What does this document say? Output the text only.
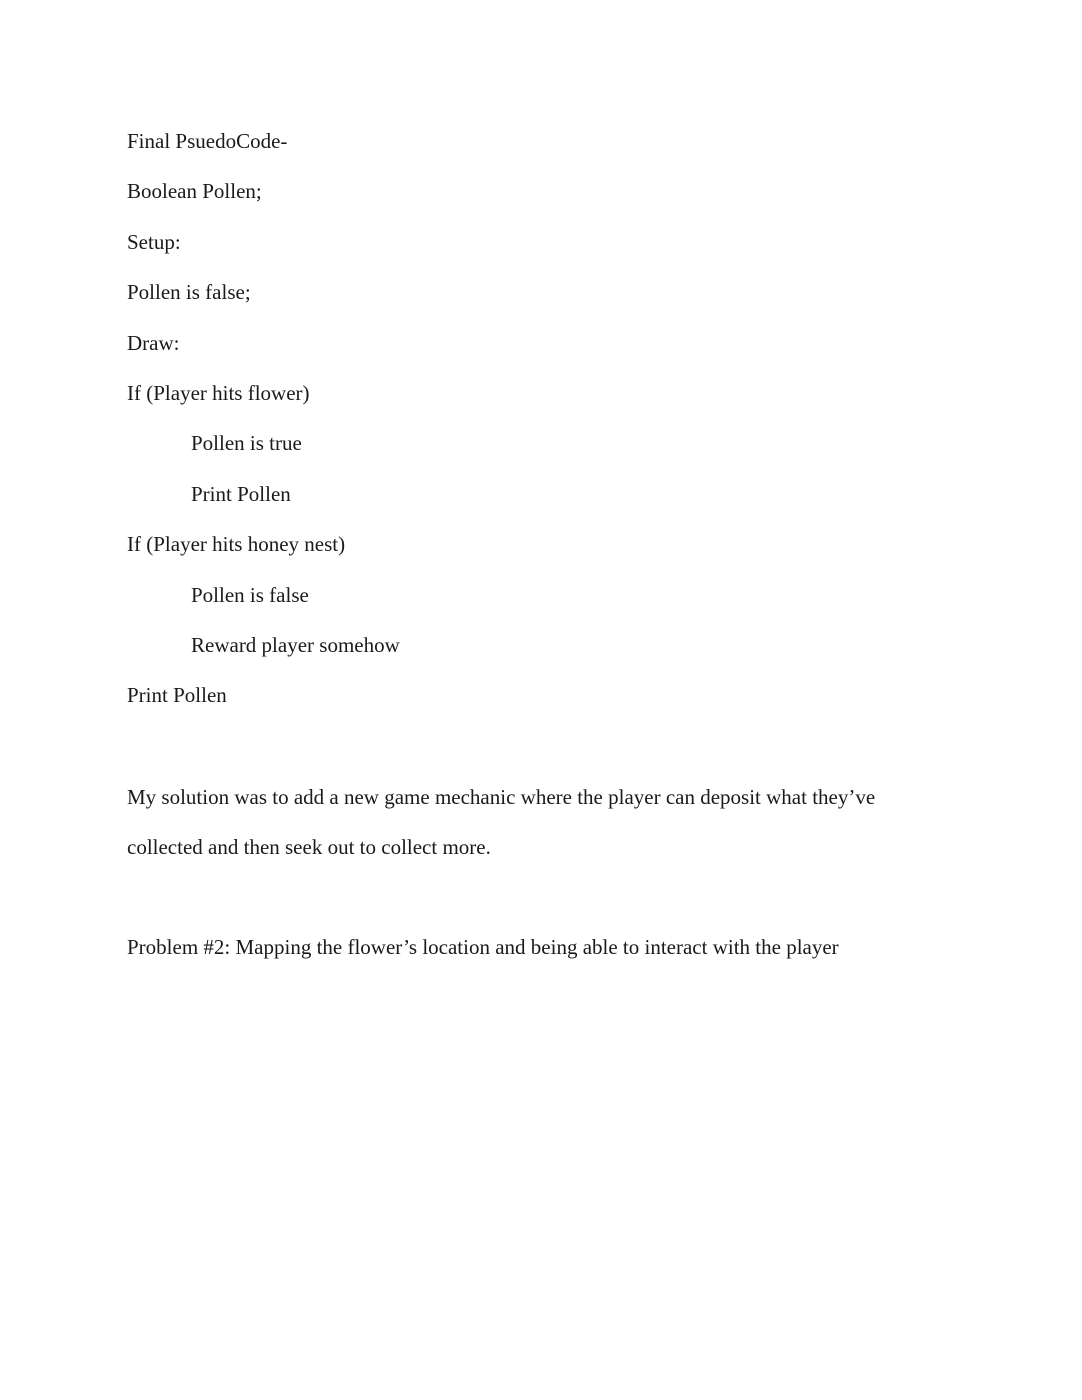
Final PsuedoCode-
Boolean Pollen;
Setup:
Pollen is false;
Draw:
If (Player hits flower)
Pollen is true
Print Pollen
If (Player hits honey nest)
Pollen is false
Reward player somehow
Print Pollen
My solution was to add a new game mechanic where the player can deposit what they’ve
collected and then seek out to collect more.
Problem #2: Mapping the flower’s location and being able to interact with the player
